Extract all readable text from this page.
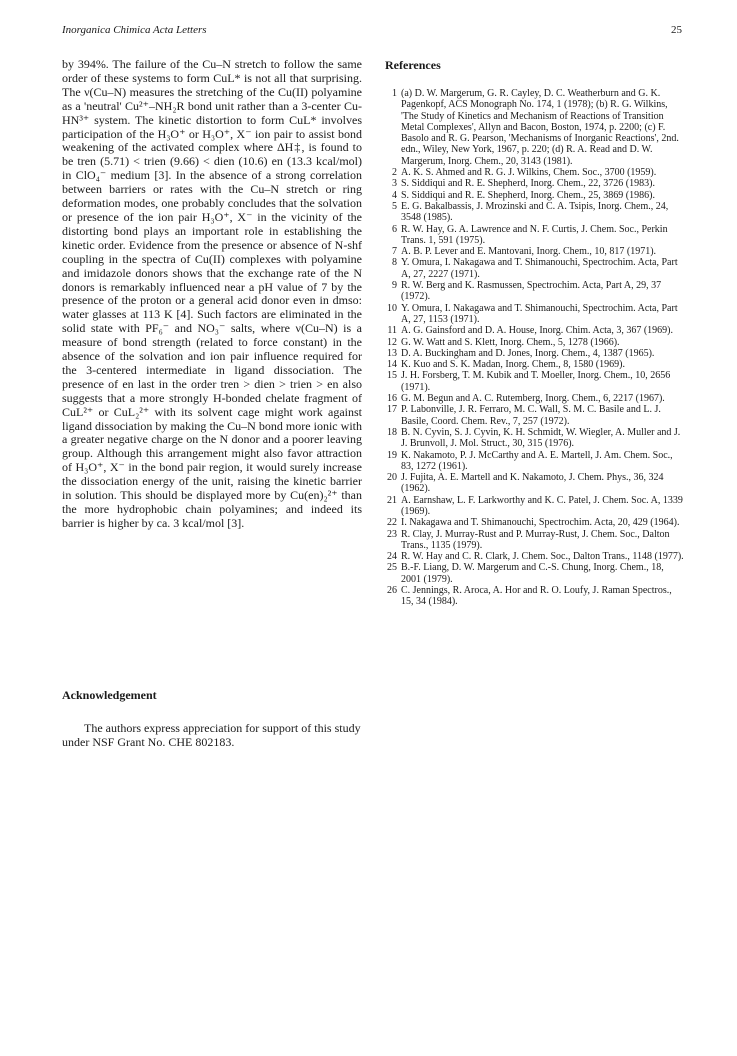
Inorganica Chimica Acta Letters	25

by 394%. The failure of the Cu–N stretch to follow the same order of these systems to form CuL* is not all that surprising. The ν(Cu–N) measures the stretching of the Cu(II) polyamine as a 'neutral' Cu²⁺–NH₂R bond unit rather than a 3-center Cu-HN³⁺ system. The kinetic distortion to form CuL* involves participation of the H₃O⁺ or H₃O⁺, X⁻ ion pair to assist bond weakening of the activated complex where ΔH‡, is found to be tren (5.71) < trien (9.66) < dien (10.6) en (13.3 kcal/mol) in ClO₄⁻ medium [3]. In the absence of a strong correlation between barriers or rates with the Cu–N stretch or ring deformation modes, one probably concludes that the solvation or presence of the ion pair H₃O⁺, X⁻ in the vicinity of the distorting bond plays an important role in establishing the kinetic order. Evidence from the presence or absence of N-shf coupling in the spectra of Cu(II) complexes with polyamine and imidazole donors shows that the exchange rate of the N donors is remarkably influenced near a pH value of 7 by the presence of the proton or a general acid donor even in dmso: water glasses at 113 K [4]. Such factors are eliminated in the solid state with PF₆⁻ and NO₃⁻ salts, where ν(Cu–N) is a measure of bond strength (related to force constant) in the absence of the solvation and ion pair influence required for the 3-centered intermediate in ligand dissociation. The presence of en last in the order tren > dien > trien > en also suggests that a more strongly H-bonded chelate fragment of CuL²⁺ or CuL₂²⁺ with its solvent cage might work against ligand dissociation by making the Cu–N bond more ionic with a greater negative charge on the N donor and a poorer leaving group. Although this arrangement might also favor attraction of H₃O⁺, X⁻ in the bond pair region, it would surely increase the dissociation energy of the unit, raising the kinetic barrier in solution. This should be displayed more by Cu(en)₂²⁺ than the more hydrophobic chain polyamines; and indeed its barrier is higher by ca. 3 kcal/mol [3].

Acknowledgement

The authors express appreciation for support of this study under NSF Grant No. CHE 802183.

References
1 (a) D. W. Margerum, G. R. Cayley, D. C. Weatherburn and G. K. Pagenkopf, ACS Monograph No. 174, 1 (1978); (b) R. G. Wilkins, 'The Study of Kinetics and Mechanism of Reactions of Transition Metal Complexes', Allyn and Bacon, Boston, 1974, p. 2200; (c) F. Basolo and R. G. Pearson, 'Mechanisms of Inorganic Reactions', 2nd. edn., Wiley, New York, 1967, p. 220; (d) R. A. Read and D. W. Margerum, Inorg. Chem., 20, 3143 (1981).
2 A. K. S. Ahmed and R. G. J. Wilkins, Chem. Soc., 3700 (1959).
3 S. Siddiqui and R. E. Shepherd, Inorg. Chem., 22, 3726 (1983).
4 S. Siddiqui and R. E. Shepherd, Inorg. Chem., 25, 3869 (1986).
5 E. G. Bakalbassis, J. Mrozinski and C. A. Tsipis, Inorg. Chem., 24, 3548 (1985).
6 R. W. Hay, G. A. Lawrence and N. F. Curtis, J. Chem. Soc., Perkin Trans. 1, 591 (1975).
7 A. B. P. Lever and E. Mantovani, Inorg. Chem., 10, 817 (1971).
8 Y. Omura, I. Nakagawa and T. Shimanouchi, Spectrochim. Acta, Part A, 27, 2227 (1971).
9 R. W. Berg and K. Rasmussen, Spectrochim. Acta, Part A, 29, 37 (1972).
10 Y. Omura, I. Nakagawa and T. Shimanouchi, Spectrochim. Acta, Part A, 27, 1153 (1971).
11 A. G. Gainsford and D. A. House, Inorg. Chim. Acta, 3, 367 (1969).
12 G. W. Watt and S. Klett, Inorg. Chem., 5, 1278 (1966).
13 D. A. Buckingham and D. Jones, Inorg. Chem., 4, 1387 (1965).
14 K. Kuo and S. K. Madan, Inorg. Chem., 8, 1580 (1969).
15 J. H. Forsberg, T. M. Kubik and T. Moeller, Inorg. Chem., 10, 2656 (1971).
16 G. M. Begun and A. C. Rutemberg, Inorg. Chem., 6, 2217 (1967).
17 P. Labonville, J. R. Ferraro, M. C. Wall, S. M. C. Basile and L. J. Basile, Coord. Chem. Rev., 7, 257 (1972).
18 B. N. Cyvin, S. J. Cyvin, K. H. Schmidt, W. Wiegler, A. Muller and J. J. Brunvoll, J. Mol. Struct., 30, 315 (1976).
19 K. Nakamoto, P. J. McCarthy and A. E. Martell, J. Am. Chem. Soc., 83, 1272 (1961).
20 J. Fujita, A. E. Martell and K. Nakamoto, J. Chem. Phys., 36, 324 (1962).
21 A. Earnshaw, L. F. Larkworthy and K. C. Patel, J. Chem. Soc. A, 1339 (1969).
22 I. Nakagawa and T. Shimanouchi, Spectrochim. Acta, 20, 429 (1964).
23 R. Clay, J. Murray-Rust and P. Murray-Rust, J. Chem. Soc., Dalton Trans., 1135 (1979).
24 R. W. Hay and C. R. Clark, J. Chem. Soc., Dalton Trans., 1148 (1977).
25 B.-F. Liang, D. W. Margerum and C.-S. Chung, Inorg. Chem., 18, 2001 (1979).
26 C. Jennings, R. Aroca, A. Hor and R. O. Loufy, J. Raman Spectros., 15, 34 (1984).
